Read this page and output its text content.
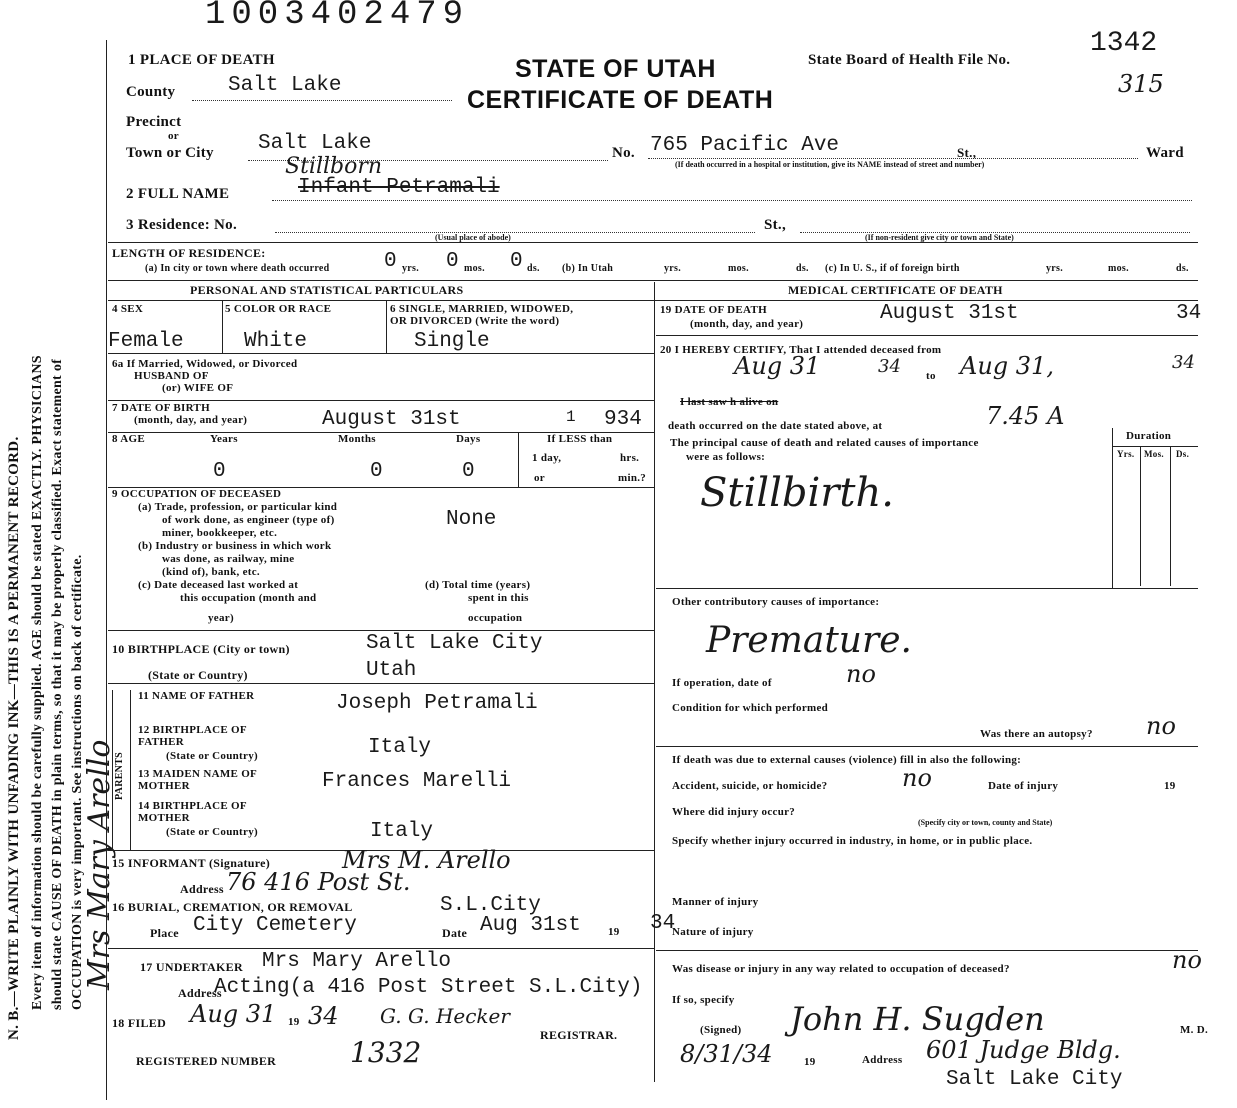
1003402479
N. B.—WRITE PLAINLY WITH UNFADING INK—THIS IS A PERMANENT RECORD. Every item of information should be carefully supplied. AGE should be stated EXACTLY. PHYSICIANS should state CAUSE OF DEATH in plain terms, so that it may be properly classified. Exact statement of OCCUPATION is very important. See instructions on back of certificate.
Mrs Mary Arello
1 PLACE OF DEATH	STATE OF UTAH
CERTIFICATE OF DEATH
State Board of Health File No.
1342
315
County	Salt Lake
Precinct
or
Town or City Salt Lake	No. 765 Pacific Ave	St.,	Ward
(If death occurred in a hospital or institution, give its NAME instead of street and number)
Stillborn
2 FULL NAME	Infant Petramali
3 Residence: No.	St.,
(Usual place of abode)	(If non-resident give city or town and State)
LENGTH OF RESIDENCE:
(a) In city or town where death occurred	0 yrs. 0 mos. 0 ds. (b) In Utah	yrs.	mos.	ds. (c) In U. S., if of foreign birth	yrs.	mos.	ds.
PERSONAL AND STATISTICAL PARTICULARS	MEDICAL CERTIFICATE OF DEATH
4 SEX	5 COLOR OR RACE	6 SINGLE, MARRIED, WIDOWED,
OR DIVORCED (Write the word)
Female	White	Single
6a If Married, Widowed, or Divorced
HUSBAND OF
(or) WIFE OF
7 DATE OF BIRTH
(month, day, and year)	August 31st	1 934
8 AGE	Years	Months	Days	If LESS than
1 day,	hrs.
or	min.?
0	0	0
9 OCCUPATION OF DECEASED
(a) Trade, profession, or particular kind
of work done, as engineer (type of)
miner, bookkeeper, etc.
None
(b) Industry or business in which work
was done, as railway, mine
(kind of), bank, etc.
(c) Date deceased last worked at
this occupation (month and
year)
(d) Total time (years)
spent in this
occupation
10 BIRTHPLACE (City or town)	Salt Lake City
(State or Country)	Utah
PARENTS
11 NAME OF FATHER	Joseph Petramali
12 BIRTHPLACE OF FATHER
(State or Country)	Italy
13 MAIDEN NAME OF MOTHER	Frances Marelli
14 BIRTHPLACE OF MOTHER
(State or Country)	Italy
15 INFORMANT (Signature)	Mrs M. Arello
Address 76 416 Post St.
16 BURIAL, CREMATION, OR REMOVAL	S.L.City
Place City Cemetery	Date Aug 31st 19 34
17 UNDERTAKER Mrs Mary Arello
Address
Acting(a 416 Post Street S.L.City)
18 FILED Aug 31 19 34 G. G. Hecker
REGISTRAR.
REGISTERED NUMBER	1332
19 DATE OF DEATH
(month, day, and year)	August 31st	34
20 I HEREBY CERTIFY, That I attended deceased from
Aug 31	34 to Aug 31,	34
I last saw h alive on
death occurred on the date stated above, at	7.45 A
The principal cause of death and related causes of importance
were as follows:
Duration
Yrs. Mos. Ds.
Stillbirth.
Other contributory causes of importance:
Premature.
If operation, date of	no
Condition for which performed
Was there an autopsy? no
If death was due to external causes (violence) fill in also the following:
Accident, suicide, or homicide?	no	Date of injury	19
Where did injury occur?
(Specify city or town, county and State)
Specify whether injury occurred in industry, in home, or in public place.
Manner of injury
Nature of injury
Was disease or injury in any way related to occupation of deceased?	no
If so, specify
(Signed) John H. Sugden	M. D.
8/31/34	19	Address 601 Judge Bldg.
Salt Lake City
